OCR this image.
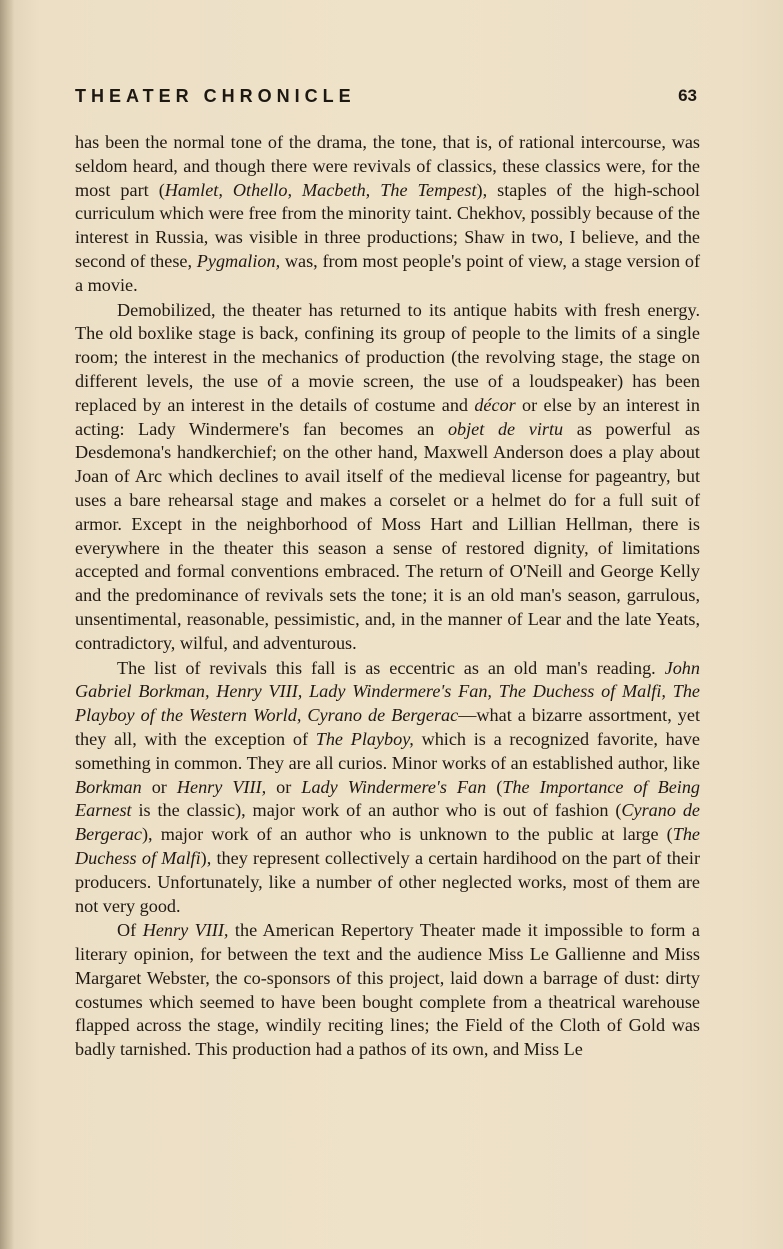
THEATER CHRONICLE	63

has been the normal tone of the drama, the tone, that is, of rational intercourse, was seldom heard, and though there were revivals of classics, these classics were, for the most part (Hamlet, Othello, Macbeth, The Tempest), staples of the high-school curriculum which were free from the minority taint. Chekhov, possibly because of the interest in Russia, was visible in three productions; Shaw in two, I believe, and the second of these, Pygmalion, was, from most people's point of view, a stage version of a movie.

Demobilized, the theater has returned to its antique habits with fresh energy. The old boxlike stage is back, confining its group of people to the limits of a single room; the interest in the mechanics of production (the revolving stage, the stage on different levels, the use of a movie screen, the use of a loudspeaker) has been replaced by an interest in the details of costume and décor or else by an interest in acting: Lady Windermere's fan becomes an objet de virtu as powerful as Desdemona's handkerchief; on the other hand, Maxwell Anderson does a play about Joan of Arc which declines to avail itself of the medieval license for pageantry, but uses a bare rehearsal stage and makes a corselet or a helmet do for a full suit of armor. Except in the neighborhood of Moss Hart and Lillian Hellman, there is everywhere in the theater this season a sense of restored dignity, of limitations accepted and formal conventions embraced. The return of O'Neill and George Kelly and the predominance of revivals sets the tone; it is an old man's season, garrulous, unsentimental, reasonable, pessimistic, and, in the manner of Lear and the late Yeats, contradictory, wilful, and adventurous.

The list of revivals this fall is as eccentric as an old man's reading. John Gabriel Borkman, Henry VIII, Lady Windermere's Fan, The Duchess of Malfi, The Playboy of the Western World, Cyrano de Bergerac—what a bizarre assortment, yet they all, with the exception of The Playboy, which is a recognized favorite, have something in common. They are all curios. Minor works of an established author, like Borkman or Henry VIII, or Lady Windermere's Fan (The Importance of Being Earnest is the classic), major work of an author who is out of fashion (Cyrano de Bergerac), major work of an author who is unknown to the public at large (The Duchess of Malfi), they represent collectively a certain hardihood on the part of their producers. Unfortunately, like a number of other neglected works, most of them are not very good.

Of Henry VIII, the American Repertory Theater made it impossible to form a literary opinion, for between the text and the audience Miss Le Gallienne and Miss Margaret Webster, the co-sponsors of this project, laid down a barrage of dust: dirty costumes which seemed to have been bought complete from a theatrical warehouse flapped across the stage, windily reciting lines; the Field of the Cloth of Gold was badly tarnished. This production had a pathos of its own, and Miss Le
